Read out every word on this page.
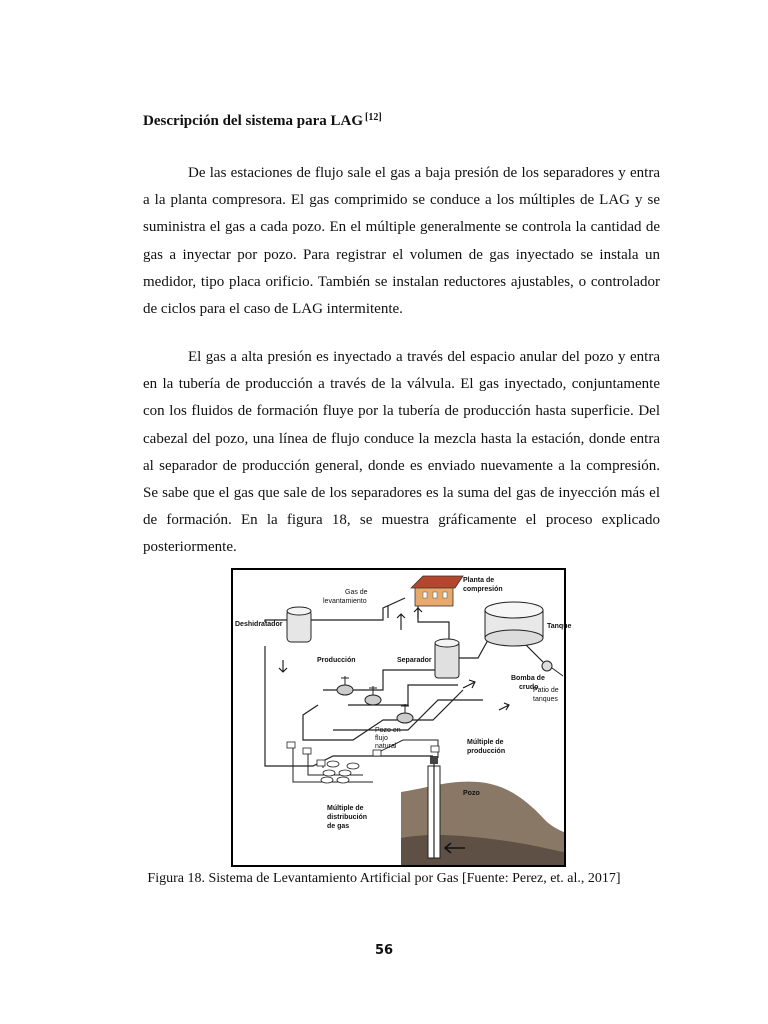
Descripción del sistema para LAG [12]

De las estaciones de flujo sale el gas a baja presión de los separadores y entra a la planta compresora. El gas comprimido se conduce a los múltiples de LAG y se suministra el gas a cada pozo. En el múltiple generalmente se controla la cantidad de gas a inyectar por pozo. Para registrar el volumen de gas inyectado se instala un medidor, tipo placa orificio. También se instalan reductores ajustables, o controlador de ciclos para el caso de LAG intermitente.

El gas a alta presión es inyectado a través del espacio anular del pozo y entra en la tubería de producción a través de la válvula. El gas inyectado, conjuntamente con los fluidos de formación fluye por la tubería de producción hasta superficie. Del cabezal del pozo, una línea de flujo conduce la mezcla hasta la estación, donde entra al separador de producción general, donde es enviado nuevamente a la compresión. Se sabe que el gas que sale de los separadores es la suma del gas de inyección más el de formación. En la figura 18, se muestra gráficamente el proceso explicado posteriormente.

Planta de
compresión
Gas de
levantamiento
Deshidratador	Tanque
Producción	Separador
Bomba de
crudo
Patio de
tanques
Pozo en
flujo
natural
Múltiple de
producción
Pozo
Múltiple de
distribución
de gas
Figura 18. Sistema de Levantamiento Artificial por Gas [Fuente: Perez, et. al., 2017]
56
